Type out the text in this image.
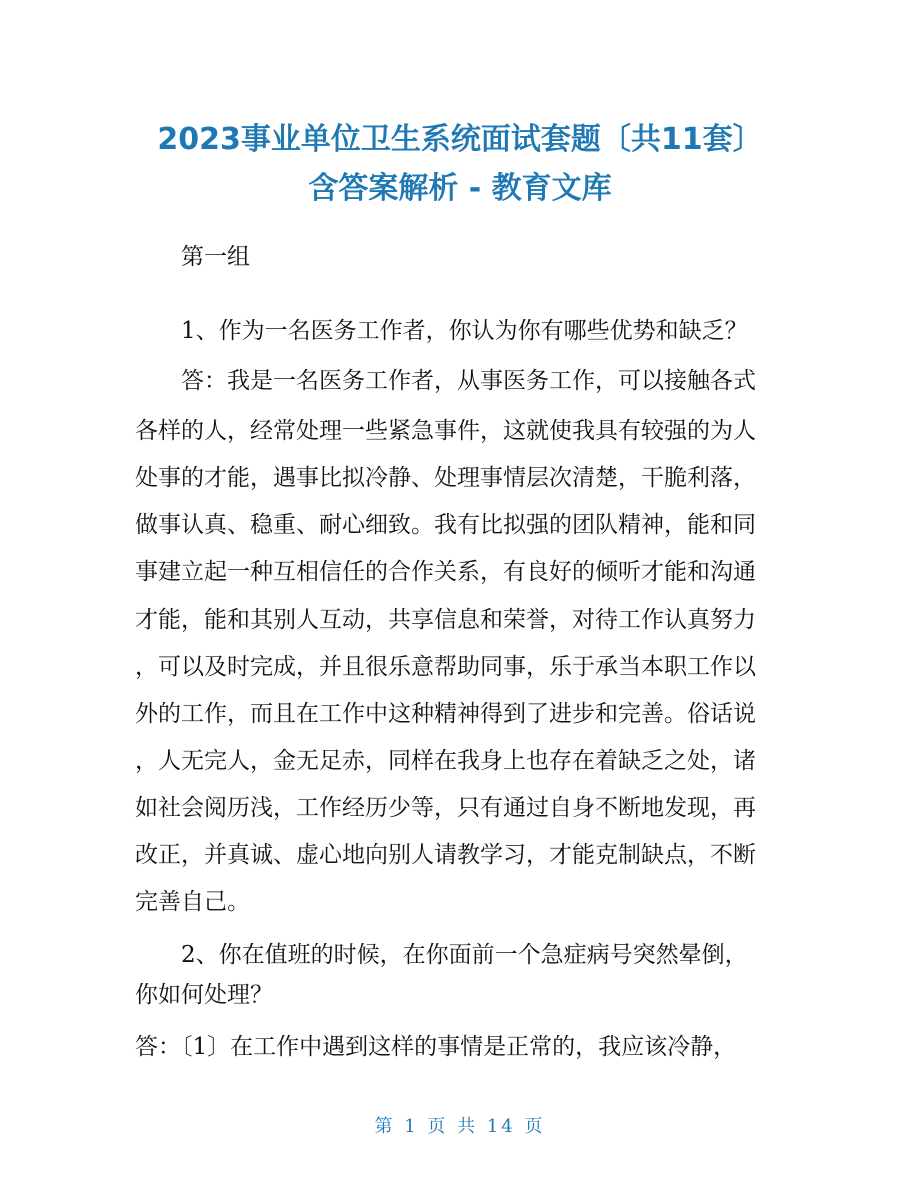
2023事业单位卫生系统面试套题〔共11套〕
含答案解析 - 教育文库

第一组

1、作为一名医务工作者，你认为你有哪些优势和缺乏？

答：我是一名医务工作者，从事医务工作，可以接触各式

各样的人，经常处理一些紧急事件，这就使我具有较强的为人

处事的才能，遇事比拟冷静、处理事情层次清楚，干脆利落，

做事认真、稳重、耐心细致。我有比拟强的团队精神，能和同

事建立起一种互相信任的合作关系，有良好的倾听才能和沟通

才能，能和其别人互动，共享信息和荣誉，对待工作认真努力

，可以及时完成，并且很乐意帮助同事，乐于承当本职工作以

外的工作，而且在工作中这种精神得到了进步和完善。俗话说

，人无完人，金无足赤，同样在我身上也存在着缺乏之处，诸

如社会阅历浅，工作经历少等，只有通过自身不断地发现，再

改正，并真诚、虚心地向别人请教学习，才能克制缺点，不断

完善自己。

2、你在值班的时候，在你面前一个急症病号突然晕倒，

你如何处理？

答：〔1〕在工作中遇到这样的事情是正常的，我应该冷静，

第 1 页 共 14 页
